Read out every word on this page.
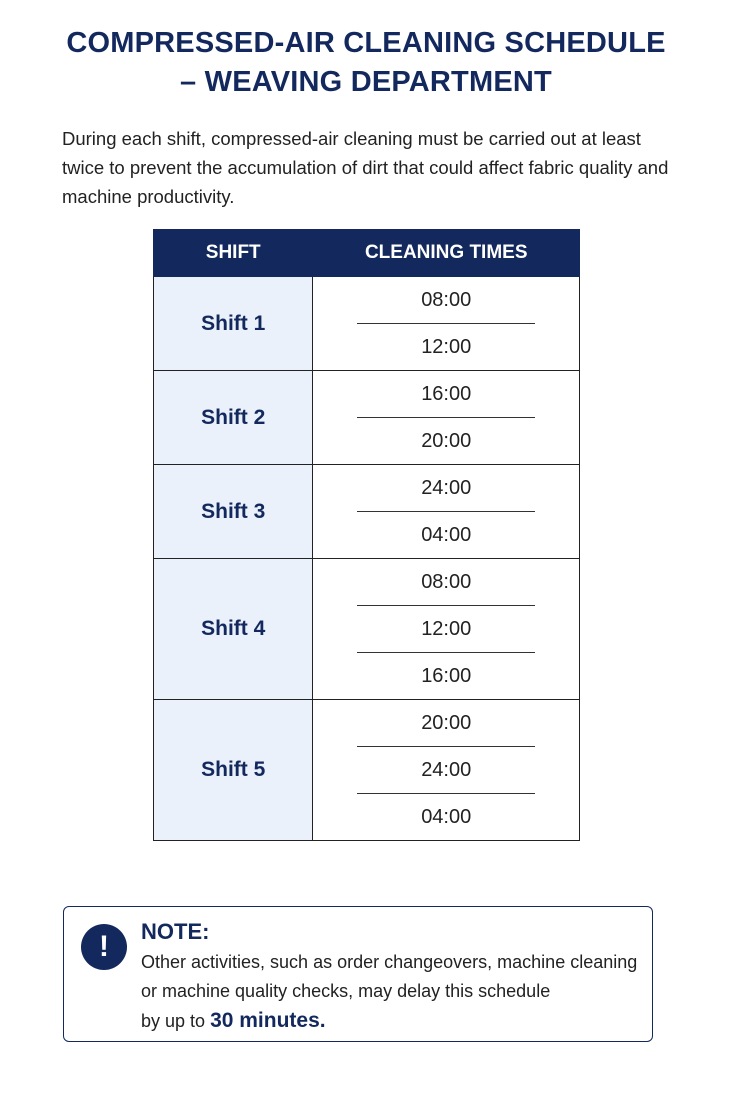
COMPRESSED-AIR CLEANING SCHEDULE
– WEAVING DEPARTMENT

During each shift, compressed-air cleaning must be carried out at least twice to prevent the accumulation of dirt that could affect fabric quality and machine productivity.

SHIFT	CLEANING TIMES
Shift 1	08:00
12:00

Shift 2	16:00
20:00

Shift 3	24:00
04:00

Shift 4	08:00
12:00
16:00

Shift 5	20:00
24:00
04:00
!	NOTE:
Other activities, such as order changeovers, machine cleaning
or machine quality checks, may delay this schedule
by up to 30 minutes.
